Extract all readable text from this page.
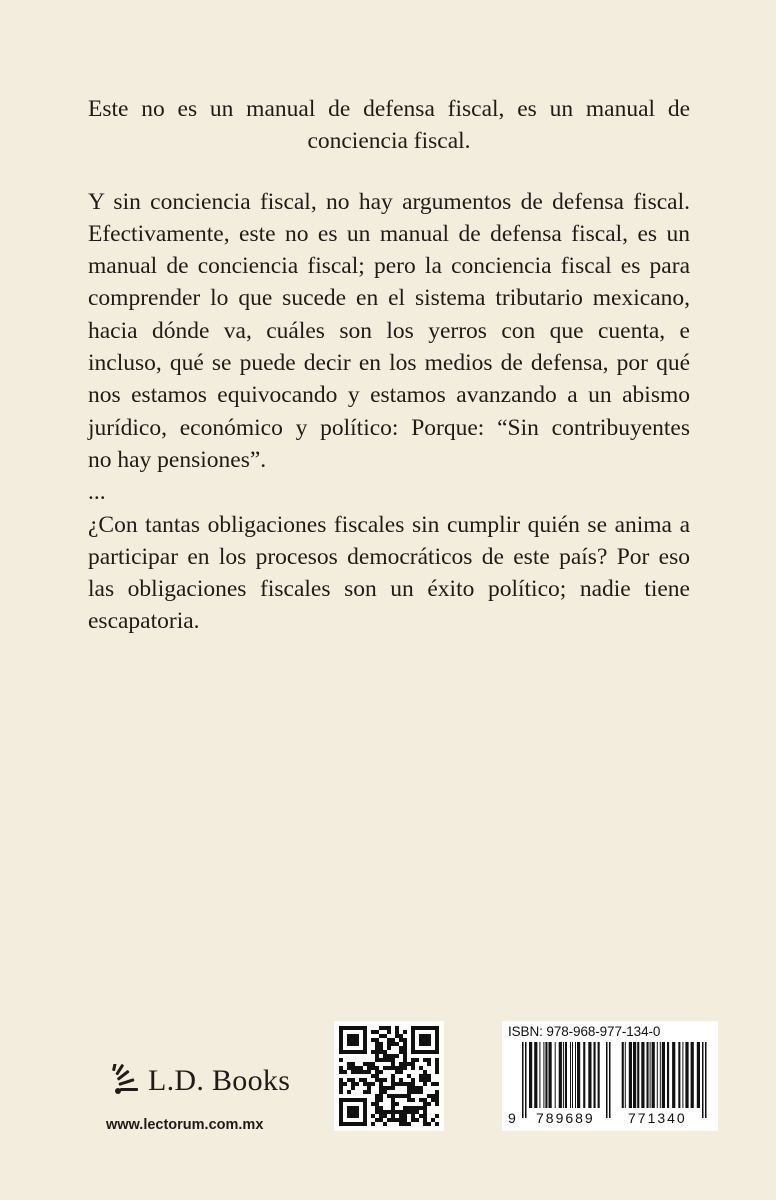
Este no es un manual de defensa fiscal, es un manual de conciencia fiscal.

Y sin conciencia fiscal, no hay argumentos de defensa fiscal.

Efectivamente, este no es un manual de defensa fiscal, es un

manual de conciencia fiscal; pero la conciencia fiscal es para

comprender lo que sucede en el sistema tributario mexicano,

hacia dónde va, cuáles son los yerros con que cuenta, e

incluso, qué se puede decir en los medios de defensa, por qué

nos estamos equivocando y estamos avanzando a un abismo

jurídico, económico y político: Porque: “Sin contribuyentes

no hay pensiones”.

...

¿Con tantas obligaciones fiscales sin cumplir quién se anima a

participar en los procesos democráticos de este país? Por eso

las obligaciones fiscales son un éxito político; nadie tiene

escapatoria.

L.D. Books
www.lectorum.com.mx
ISBN: 978-968-977-134-0
9 789689 771340
